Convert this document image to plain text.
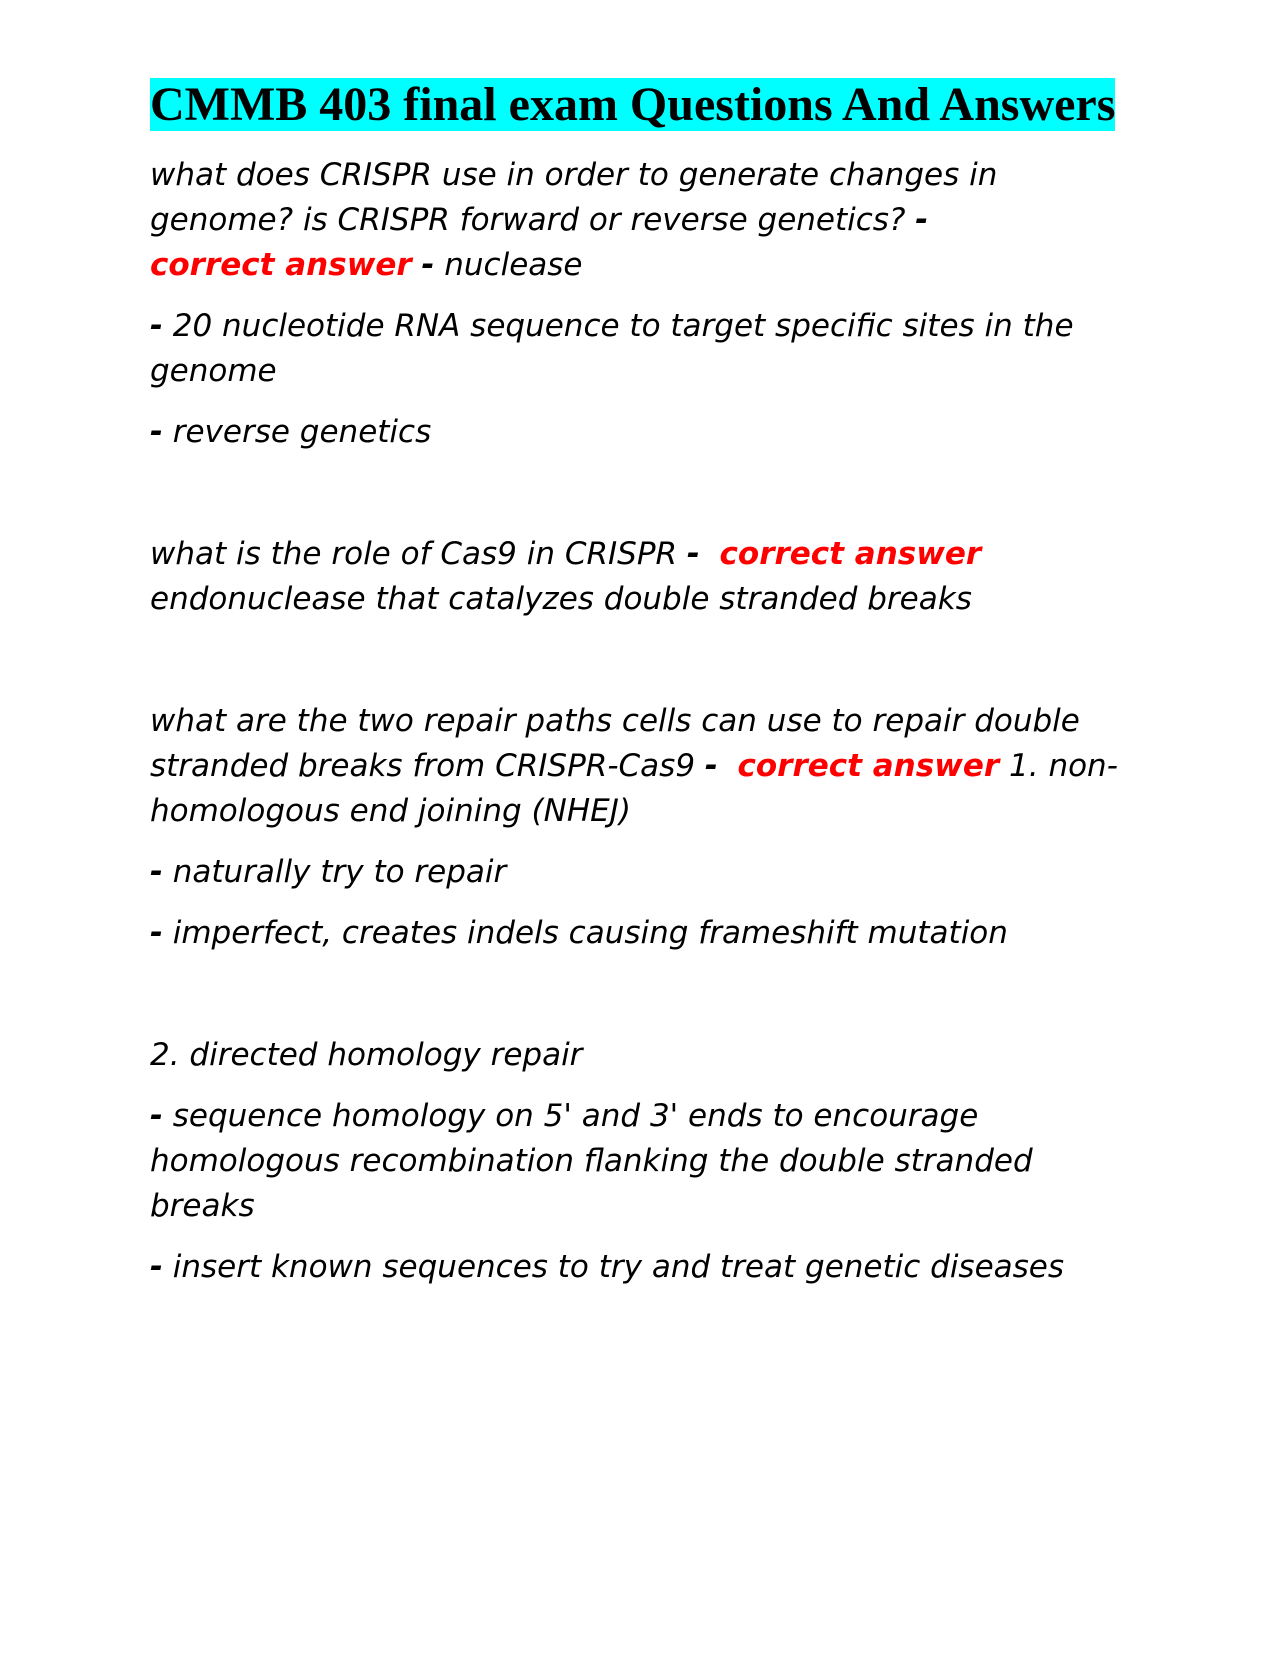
CMMB 403 final exam Questions And Answers

what does CRISPR use in order to generate changes in genome? is CRISPR forward or reverse genetics? -
correct answer - nuclease

- 20 nucleotide RNA sequence to target specific sites in the genome

- reverse genetics

what is the role of Cas9 in CRISPR - correct answer
endonuclease that catalyzes double stranded breaks

what are the two repair paths cells can use to repair double stranded breaks from CRISPR-Cas9 - correct answer 1. non-homologous end joining (NHEJ)

- naturally try to repair

- imperfect, creates indels causing frameshift mutation

2. directed homology repair

- sequence homology on 5' and 3' ends to encourage homologous recombination flanking the double stranded breaks

- insert known sequences to try and treat genetic diseases
